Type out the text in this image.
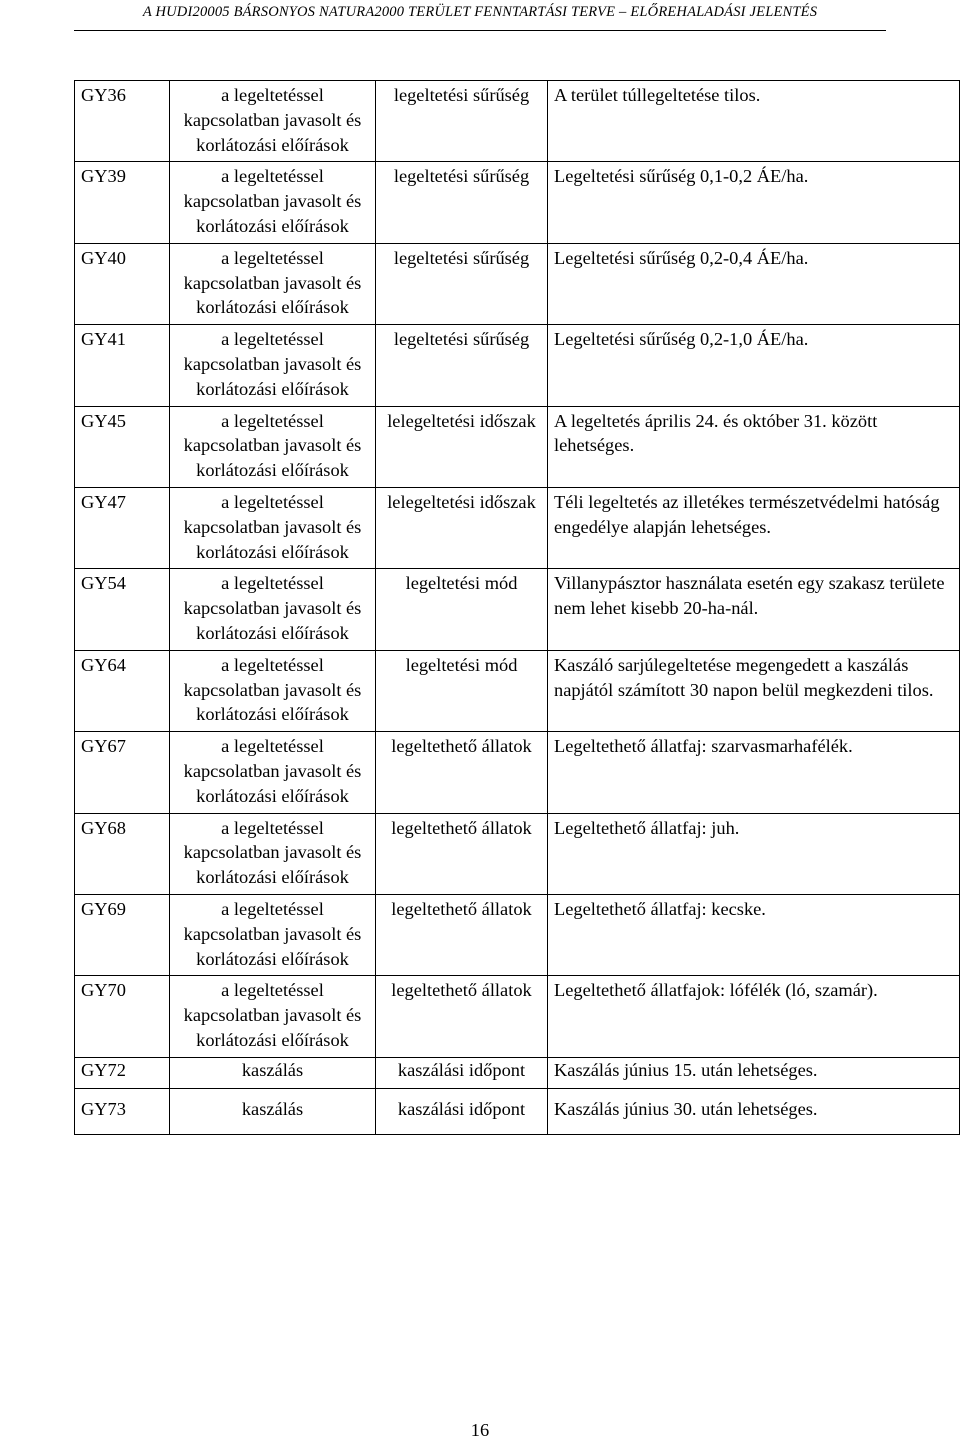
A HUDI20005 BÁRSONYOS NATURA2000 TERÜLET FENNTARTÁSI TERVE – ELŐREHALADÁSI JELENTÉS
GY36	a legeltetéssel kapcsolatban javasolt és korlátozási előírások	legeltetési sűrűség	A terület túllegeltetése tilos.
GY39	a legeltetéssel kapcsolatban javasolt és korlátozási előírások	legeltetési sűrűség	Legeltetési sűrűség 0,1-0,2 ÁE/ha.
GY40	a legeltetéssel kapcsolatban javasolt és korlátozási előírások	legeltetési sűrűség	Legeltetési sűrűség 0,2-0,4 ÁE/ha.
GY41	a legeltetéssel kapcsolatban javasolt és korlátozási előírások	legeltetési sűrűség	Legeltetési sűrűség 0,2-1,0 ÁE/ha.
GY45	a legeltetéssel kapcsolatban javasolt és korlátozási előírások	lelegeltetési időszak	A legeltetés április 24. és október 31. között lehetséges.
GY47	a legeltetéssel kapcsolatban javasolt és korlátozási előírások	lelegeltetési időszak	Téli legeltetés az illetékes természetvédelmi hatóság engedélye alapján lehetséges.
GY54	a legeltetéssel kapcsolatban javasolt és korlátozási előírások	legeltetési mód	Villanypásztor használata esetén egy szakasz területe nem lehet kisebb 20-ha-nál.
GY64	a legeltetéssel kapcsolatban javasolt és korlátozási előírások	legeltetési mód	Kaszáló sarjúlegeltetése megengedett a kaszálás napjától számított 30 napon belül megkezdeni tilos.
GY67	a legeltetéssel kapcsolatban javasolt és korlátozási előírások	legeltethető állatok	Legeltethető állatfaj: szarvasmarhafélék.
GY68	a legeltetéssel kapcsolatban javasolt és korlátozási előírások	legeltethető állatok	Legeltethető állatfaj: juh.
GY69	a legeltetéssel kapcsolatban javasolt és korlátozási előírások	legeltethető állatok	Legeltethető állatfaj: kecske.
GY70	a legeltetéssel kapcsolatban javasolt és korlátozási előírások	legeltethető állatok	Legeltethető állatfajok: lófélék (ló, szamár).
GY72	kaszálás	kaszálási időpont	Kaszálás június 15. után lehetséges.
GY73	kaszálás	kaszálási időpont	Kaszálás június 30. után lehetséges.
16
